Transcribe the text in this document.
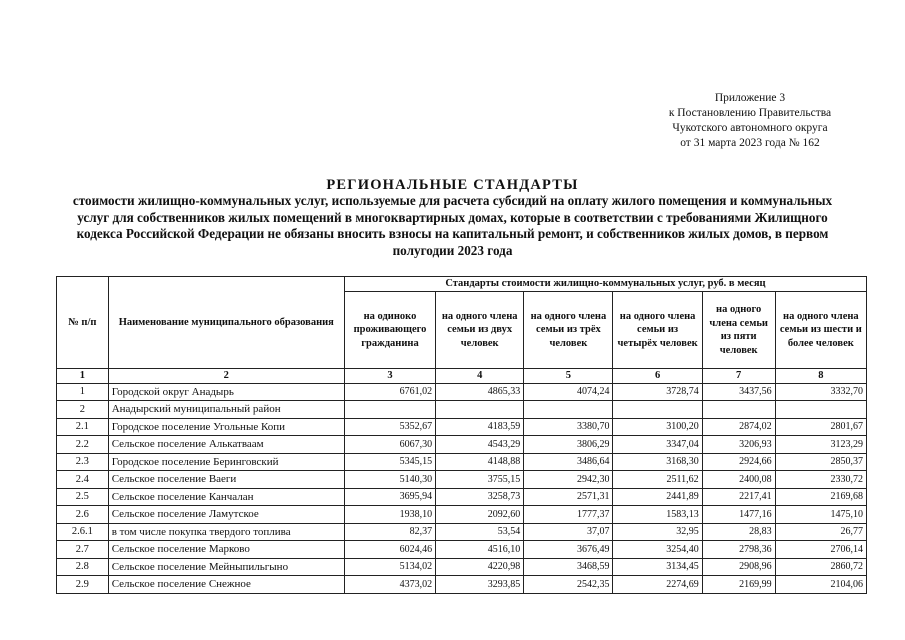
Приложение 3
к Постановлению Правительства
Чукотского автономного округа
от 31 марта 2023 года № 162
РЕГИОНАЛЬНЫЕ СТАНДАРТЫ
стоимости жилищно-коммунальных услуг, используемые для расчета субсидий на оплату жилого помещения и коммунальных услуг для собственников жилых помещений в многоквартирных домах, которые в соответствии с требованиями Жилищного кодекса Российской Федерации не обязаны вносить взносы на капитальный ремонт, и собственников жилых домов, в первом полугодии 2023 года
№ п/п	Наименование муниципального образования	Стандарты стоимости жилищно-коммунальных услуг, руб. в месяц					
		на одиноко проживающего гражданина	на одного члена семьи из двух человек	на одного члена семьи из трёх человек	на одного члена семьи из четырёх человек	на одного члена семьи из пяти человек	на одного члена семьи из шести и более человек
1	2	3	4	5	6	7	8
1	Городской округ Анадырь	6761,02	4865,33	4074,24	3728,74	3437,56	3332,70
2	Анадырский муниципальный район						
2.1	Городское поселение Угольные Копи	5352,67	4183,59	3380,70	3100,20	2874,02	2801,67
2.2	Сельское поселение Алькатваам	6067,30	4543,29	3806,29	3347,04	3206,93	3123,29
2.3	Городское поселение Беринговский	5345,15	4148,88	3486,64	3168,30	2924,66	2850,37
2.4	Сельское поселение Ваеги	5140,30	3755,15	2942,30	2511,62	2400,08	2330,72
2.5	Сельское поселение Канчалан	3695,94	3258,73	2571,31	2441,89	2217,41	2169,68
2.6	Сельское поселение Ламутское	1938,10	2092,60	1777,37	1583,13	1477,16	1475,10
2.6.1	в том числе покупка твердого топлива	82,37	53,54	37,07	32,95	28,83	26,77
2.7	Сельское поселение Марково	6024,46	4516,10	3676,49	3254,40	2798,36	2706,14
2.8	Сельское поселение Мейныпильгыно	5134,02	4220,98	3468,59	3134,45	2908,96	2860,72
2.9	Сельское поселение Снежное	4373,02	3293,85	2542,35	2274,69	2169,99	2104,06
